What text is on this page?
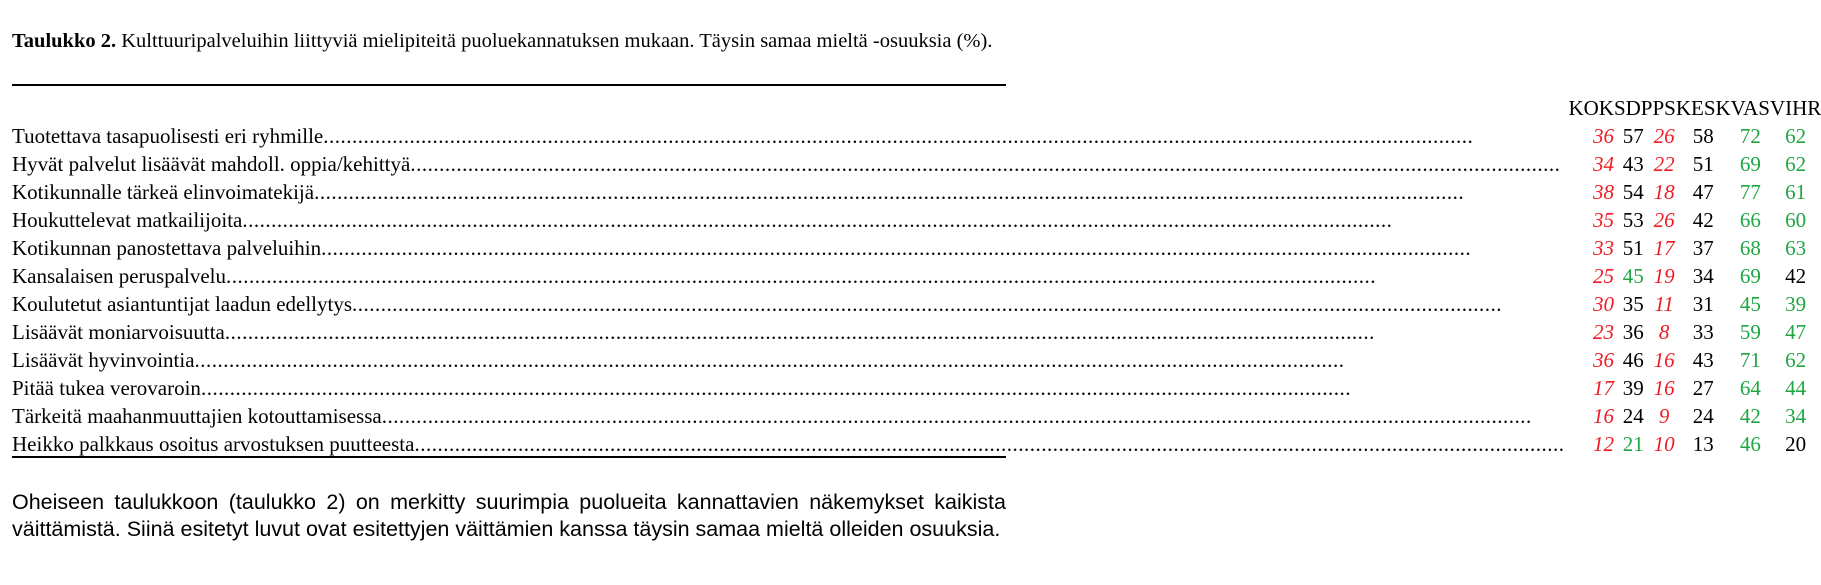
Taulukko 2. Kulttuuripalveluihin liittyviä mielipiteitä puoluekannatuksen mukaan. Täysin samaa mieltä -osuuksia (%).
	KOK	SDP	PS	KESK	VAS	VIHR

Tuotettava tasapuolisesti eri ryhmille ........................................................................................................................................................................................................	36	57	26	58	72	62

Hyvät palvelut lisäävät mahdoll. oppia/kehittyä ........................................................................................................................................................................................................	34	43	22	51	69	62

Kotikunnalle tärkeä elinvoimatekijä ........................................................................................................................................................................................................	38	54	18	47	77	61

Houkuttelevat matkailijoita ........................................................................................................................................................................................................	35	53	26	42	66	60

Kotikunnan panostettava palveluihin ........................................................................................................................................................................................................	33	51	17	37	68	63

Kansalaisen peruspalvelu ........................................................................................................................................................................................................	25	45	19	34	69	42

Koulutetut asiantuntijat laadun edellytys ........................................................................................................................................................................................................	30	35	11	31	45	39

Lisäävät moniarvoisuutta ........................................................................................................................................................................................................	23	36	8	33	59	47

Lisäävät hyvinvointia ........................................................................................................................................................................................................	36	46	16	43	71	62

Pitää tukea verovaroin ........................................................................................................................................................................................................	17	39	16	27	64	44

Tärkeitä maahanmuuttajien kotouttamisessa ........................................................................................................................................................................................................	16	24	9	24	42	34

Heikko palkkaus osoitus arvostuksen puutteesta ........................................................................................................................................................................................................	12	21	10	13	46	20
Oheiseen taulukkoon (taulukko 2) on merkitty suurimpia puolueita kannattavien näkemykset kaikista väittämistä. Siinä esitetyt luvut ovat esitettyjen väittämien kanssa täysin samaa mieltä olleiden osuuksia.
